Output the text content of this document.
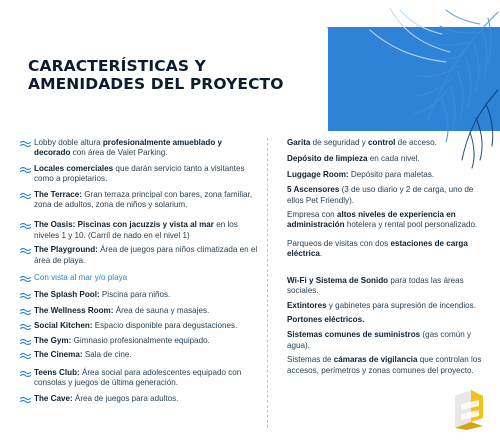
CARACTERÍSTICAS Y
AMENIDADES DEL PROYECTO
Lobby doble altura profesionalmente amueblado y decorado con área de Valet Parking.
Locales comerciales que darán servicio tanto a visitantes como a propietarios.
The Terrace: Gran terraza principal con bares, zona familiar, zona de adultos, zona de niños y solarium.
The Oasis: Piscinas con jacuzzis y vista al mar en los niveles 1 y 10. (Carril de nado en el nivel 1)
The Playground: Área de juegos para niños climatizada en el área de playa.
Con vista al mar y/o playa
The Splash Pool: Piscina para niños.
The Wellness Room: Área de sauna y masajes.
Social Kitchen: Espacio disponible para degustaciones.
The Gym: Gimnasio profesionalmente equipado.
The Cinema: Sala de cine.
Teens Club: Área social para adolescentes equipado con consolas y juegos de última generación.
The Cave: Área de juegos para adultos.
Garita de seguridad y control de acceso.
Depósito de limpieza en cada nivel.
Luggage Room: Depósito para maletas.
5 Ascensores (3 de uso diario y 2 de carga, uno de ellos Pet Friendly).
Empresa con altos niveles de experiencia en administración hotelera y rental pool personalizado.
Parqueos de visitas con dos estaciones de carga eléctrica.
Wi-Fi y Sistema de Sonido para todas las áreas sociales.
Extintores y gabinetes para supresión de incendios.
Portones eléctricos.
Sistemas comunes de suministros (gas común y agua).
Sistemas de cámaras de vigilancia que controlan los accesos, perímetros y zonas comunes del proyecto.
